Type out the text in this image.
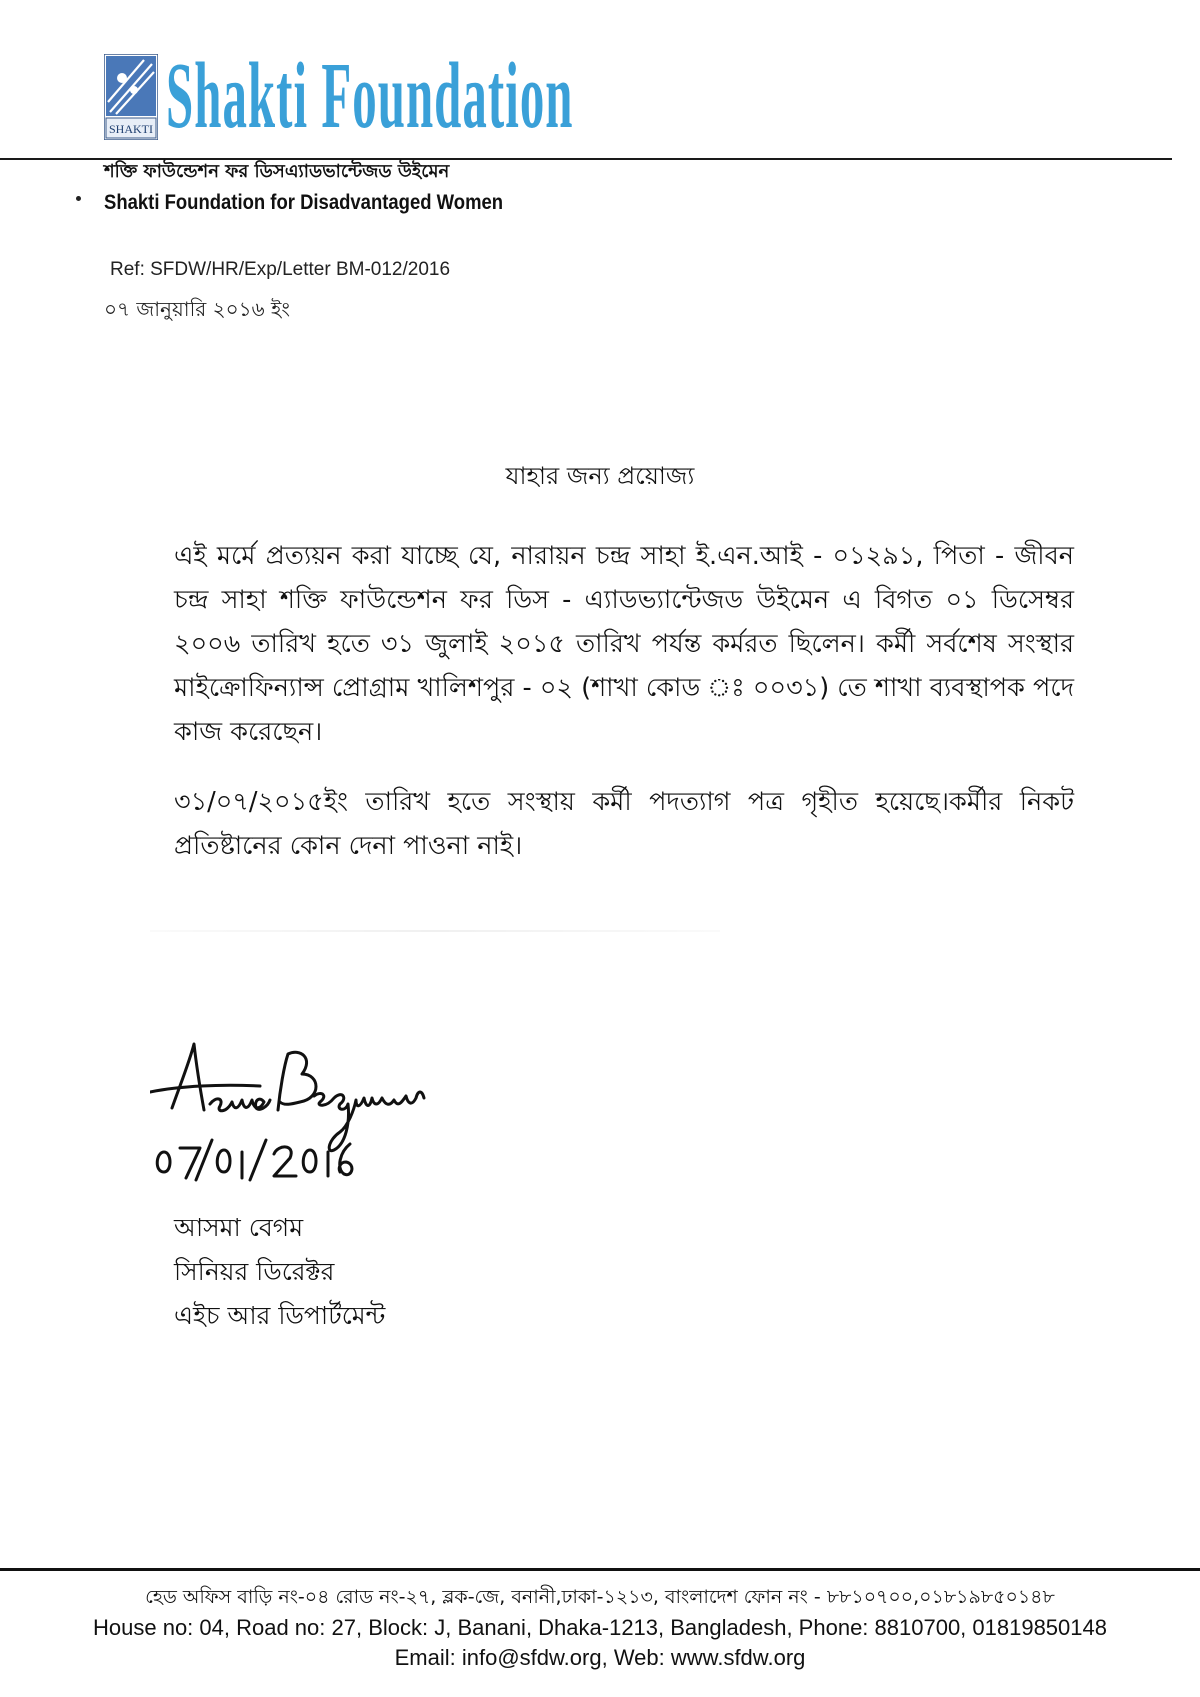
SHAKTI Shakti Foundation
শক্তি ফাউন্ডেশন ফর ডিসএ্যাডভান্টেজড উইমেন
Shakti Foundation for Disadvantaged Women
Ref: SFDW/HR/Exp/Letter BM-012/2016
০৭ জানুয়ারি ২০১৬ ইং
যাহার জন্য প্রয়োজ্য
এই মর্মে প্রত্যয়ন করা যাচ্ছে যে, নারায়ন চন্দ্র সাহা ই.এন.আই - ০১২৯১, পিতা - জীবন চন্দ্র সাহা শক্তি ফাউন্ডেশন ফর ডিস - এ্যাডভ্যান্টেজড উইমেন এ বিগত ০১ ডিসেম্বর ২০০৬ তারিখ হতে ৩১ জুলাই ২০১৫ তারিখ পর্যন্ত কর্মরত ছিলেন। কর্মী সর্বশেষ সংস্থার মাইক্রোফিন্যান্স প্রোগ্রাম খালিশপুর - ০২ (শাখা কোড ঃ ০০৩১) তে শাখা ব্যবস্থাপক পদে কাজ করেছেন।
৩১/০৭/২০১৫ইং তারিখ হতে সংস্থায় কর্মী পদত্যাগ পত্র গৃহীত হয়েছে।কর্মীর নিকট প্রতিষ্টানের কোন দেনা পাওনা নাই।
আসমা বেগম
সিনিয়র ডিরেক্টর
এইচ আর ডিপার্টমেন্ট
হেড অফিস বাড়ি নং-০৪ রোড নং-২৭, ব্লক-জে, বনানী,ঢাকা-১২১৩, বাংলাদেশ ফোন নং - ৮৮১০৭০০,০১৮১৯৮৫০১৪৮
House no: 04, Road no: 27, Block: J, Banani, Dhaka-1213, Bangladesh, Phone: 8810700, 01819850148
Email: info@sfdw.org, Web: www.sfdw.org
